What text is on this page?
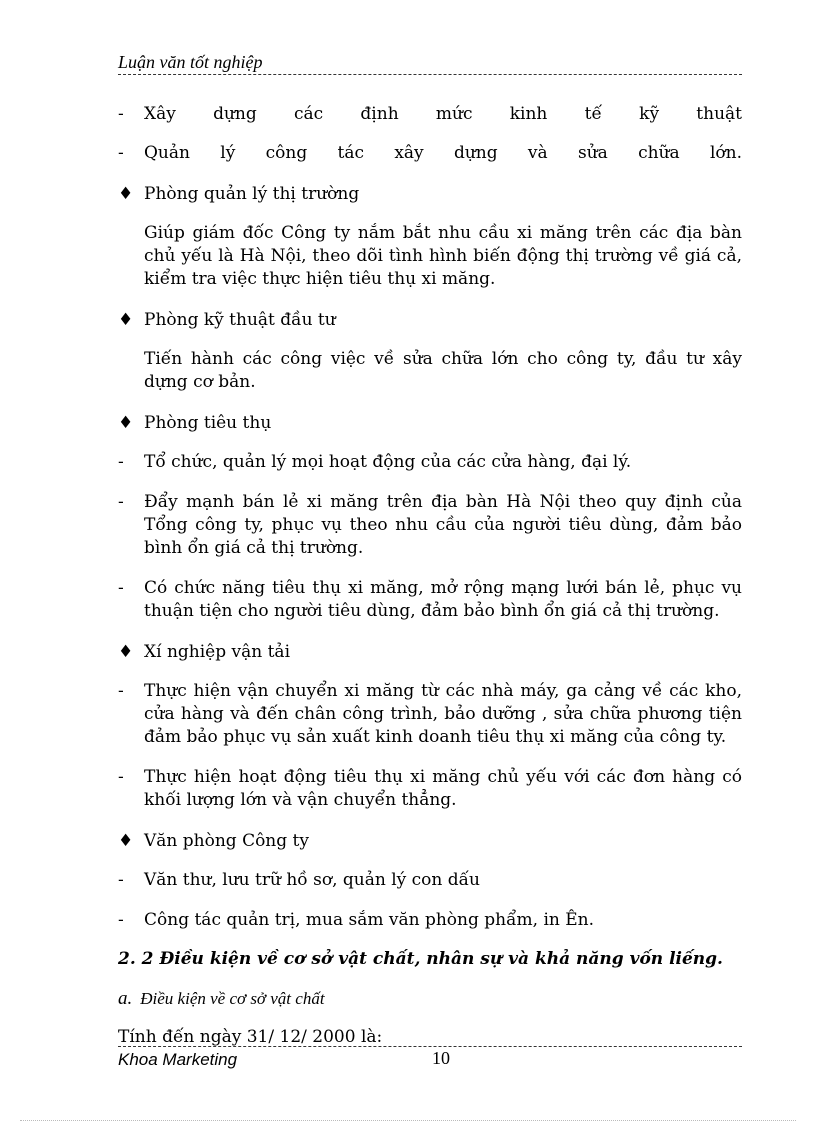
Luận văn tốt nghiệp
- Xây dựng các định mức kinh tế kỹ thuật
- Quản lý công tác xây dựng và sửa chữa lớn.
♦ Phòng quản lý thị trường
Giúp giám đốc Công ty nắm bắt nhu cầu xi măng trên các địa bàn chủ yếu là Hà Nội, theo dõi tình hình biến động thị trường về giá cả, kiểm tra việc thực hiện tiêu thụ xi măng.
♦ Phòng kỹ thuật đầu tư
Tiến hành các công việc về sửa chữa lớn cho công ty, đầu tư xây dựng cơ bản.
♦ Phòng tiêu thụ
- Tổ chức, quản lý mọi hoạt động của các cửa hàng, đại lý.
- Đẩy mạnh bán lẻ xi măng trên địa bàn Hà Nội theo quy định của Tổng công ty, phục vụ theo nhu cầu của người tiêu dùng, đảm bảo bình ổn giá cả thị trường.
- Có chức năng tiêu thụ xi măng, mở rộng mạng lưới bán lẻ, phục vụ thuận tiện cho người tiêu dùng, đảm bảo bình ổn giá cả thị trường.
♦ Xí nghiệp vận tải
- Thực hiện vận chuyển xi măng từ các nhà máy, ga cảng về các kho, cửa hàng và đến chân công trình, bảo dưỡng , sửa chữa phương tiện đảm bảo phục vụ sản xuất kinh doanh tiêu thụ xi măng của công ty.
- Thực hiện hoạt động tiêu thụ xi măng chủ yếu với các đơn hàng có khối lượng lớn và vận chuyển thẳng.
♦ Văn phòng Công ty
- Văn thư, lưu trữ hồ sơ, quản lý con dấu
- Công tác quản trị, mua sắm văn phòng phẩm, in Ên.
2. 2 Điều kiện về cơ sở vật chất, nhân sự và khả năng vốn liếng.
a. Điều kiện về cơ sở vật chất
Tính đến ngày 31/ 12/ 2000 là:
Khoa Marketing	10
